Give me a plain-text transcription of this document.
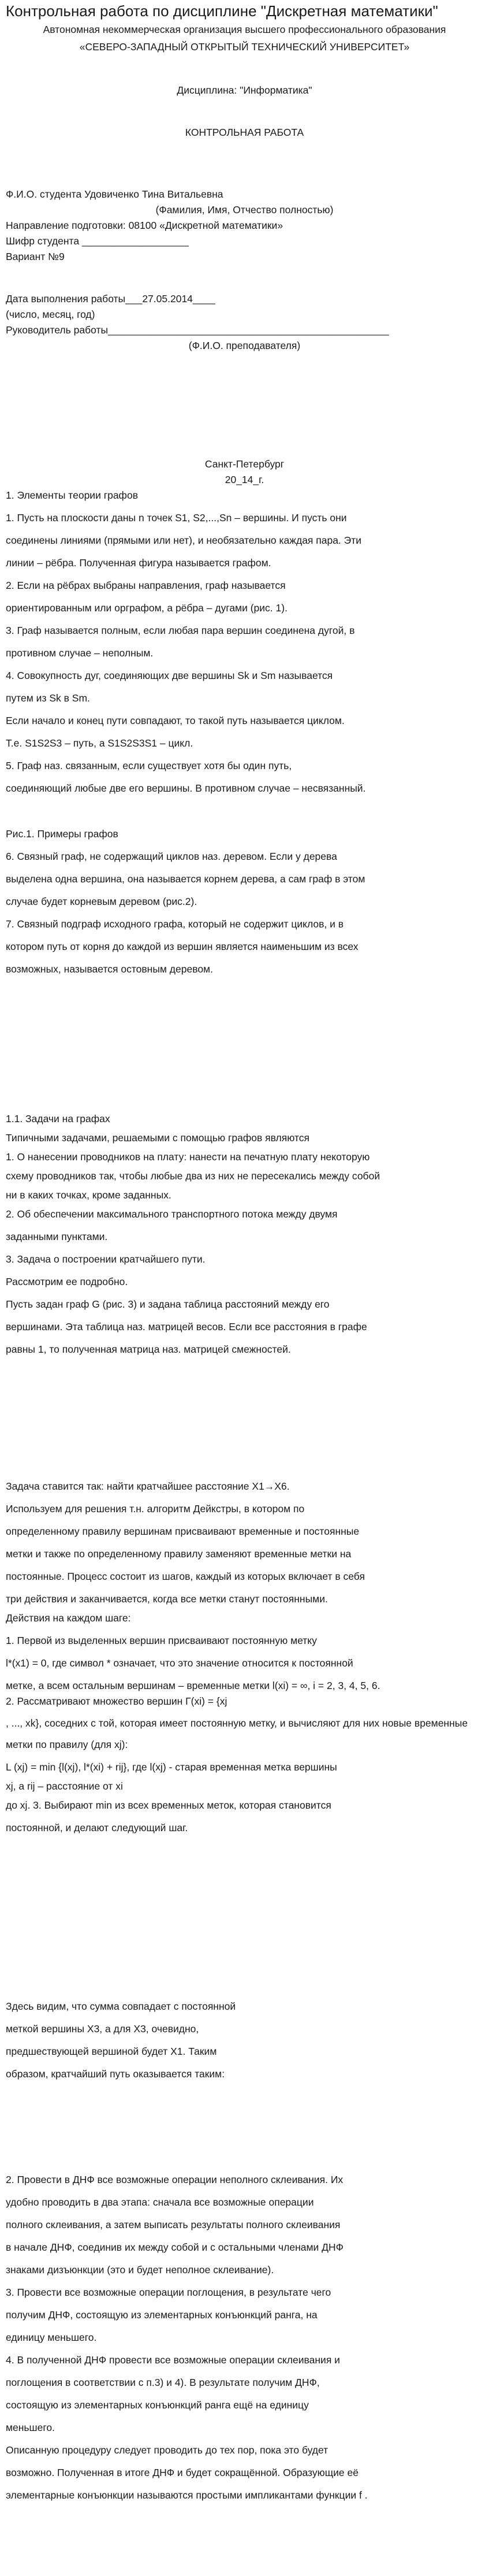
Контрольная работа по дисциплине "Дискретная математики"

Автономная некоммерческая организация высшего профессионального образования

«СЕВЕРО-ЗАПАДНЫЙ ОТКРЫТЫЙ ТЕХНИЧЕСКИЙ УНИВЕРСИТЕТ»

Дисциплина: "Информатика"

КОНТРОЛЬНАЯ РАБОТА

Ф.И.О. студента Удовиченко Тина Витальевна

(Фамилия, Имя, Отчество полностью)

Направление подготовки: 08100 «Дискретной математики»

Шифр студента ___________________

Вариант №9

Дата выполнения работы___27.05.2014____

(число, месяц, год)

Руководитель работы__________________________________________________

(Ф.И.О. преподавателя)

Санкт-Петербург

20_14_г.

1. Элементы теории графов

1. Пусть на плоскости даны n точек S1, S2,...,Sn – вершины. И пусть они

соединены линиями (прямыми или нет), и необязательно каждая пара. Эти

линии – рёбра. Полученная фигура называется графом.

2. Если на рёбрах выбраны направления, граф называется

ориентированным или орграфом, а рёбра – дугами (рис. 1).

3. Граф называется полным, если любая пара вершин соединена дугой, в

противном случае – неполным.

4. Совокупность дуг, соединяющих две вершины Sk и Sm называется

путем из Sk в Sm.

Если начало и конец пути совпадают, то такой путь называется циклом.

Т.е. S1S2S3 – путь, а S1S2S3S1 – цикл.

5. Граф наз. связанным, если существует хотя бы один путь,

соединяющий любые две его вершины. В противном случае – несвязанный.

Рис.1. Примеры графов

6. Связный граф, не содержащий циклов наз. деревом. Если у дерева

выделена одна вершина, она называется корнем дерева, а сам граф в этом

случае будет корневым деревом (рис.2).

7. Связный подграф исходного графа, который не содержит циклов, и в

котором путь от корня до каждой из вершин является наименьшим из всех

возможных, называется остовным деревом.

1.1. Задачи на графах

Типичными задачами, решаемыми с помощью графов являются

1. О нанесении проводников на плату: нанести на печатную плату некоторую

схему проводников так, чтобы любые два из них не пересекались между собой

ни в каких точках, кроме заданных.

2. Об обеспечении максимального транспортного потока между двумя

заданными пунктами.

3. Задача о построении кратчайшего пути.

Рассмотрим ее подробно.

Пусть задан граф G (рис. 3) и задана таблица расстояний между его

вершинами. Эта таблица наз. матрицей весов. Если все расстояния в графе

равны 1, то полученная матрица наз. матрицей смежностей.

Задача ставится так: найти кратчайшее расстояние X1→X6.

Используем для решения т.н. алгоритм Дейкстры, в котором по

определенному правилу вершинам присваивают временные и постоянные

метки и также по определенному правилу заменяют временные метки на

постоянные. Процесс состоит из шагов, каждый из которых включает в себя

три действия и заканчивается, когда все метки станут постоянными.

Действия на каждом шаге:

1. Первой из выделенных вершин присваивают постоянную метку

l*(x1) = 0, где символ * означает, что это значение относится к постоянной

метке, а всем остальным вершинам – временные метки l(xi) = ∞, i = 2, 3, 4, 5, 6.

2. Рассматривают множество вершин Г(xi) = {xj

, ..., xk}, соседних с той, которая имеет постоянную метку, и вычисляют для них новые временные

метки по правилу (для xj):

L (xj) = min {l(xj), l*(xi) + rij}, где l(xj) - старая временная метка вершины

xj, а rij – расстояние от xi

до xj. 3. Выбирают min из всех временных меток, которая становится

постоянной, и делают следующий шаг.

Здесь видим, что сумма совпадает с постоянной

меткой вершины X3, а для X3, очевидно,

предшествующей вершиной будет X1. Таким

образом, кратчайший путь оказывается таким:

2. Провести в ДНФ все возможные операции неполного склеивания. Их

удобно проводить в два этапа: сначала все возможные операции

полного склеивания, а затем выписать результаты полного склеивания

в начале ДНФ, соединив их между собой и с остальными членами ДНФ

знаками дизъюнкции (это и будет неполное склеивание).

3. Провести все возможные операции поглощения, в результате чего

получим ДНФ, состоящую из элементарных конъюнкций ранга, на

единицу меньшего.

4. В полученной ДНФ провести все возможные операции склеивания и

поглощения в соответствии с п.3) и 4). В результате получим ДНФ,

состоящую из элементарных конъюнкций ранга ещё на единицу

меньшего.

Описанную процедуру следует проводить до тех пор, пока это будет

возможно. Полученная в итоге ДНФ и будет сокращённой. Образующие её

элементарные конъюнкции называются простыми импликантами функции f .
